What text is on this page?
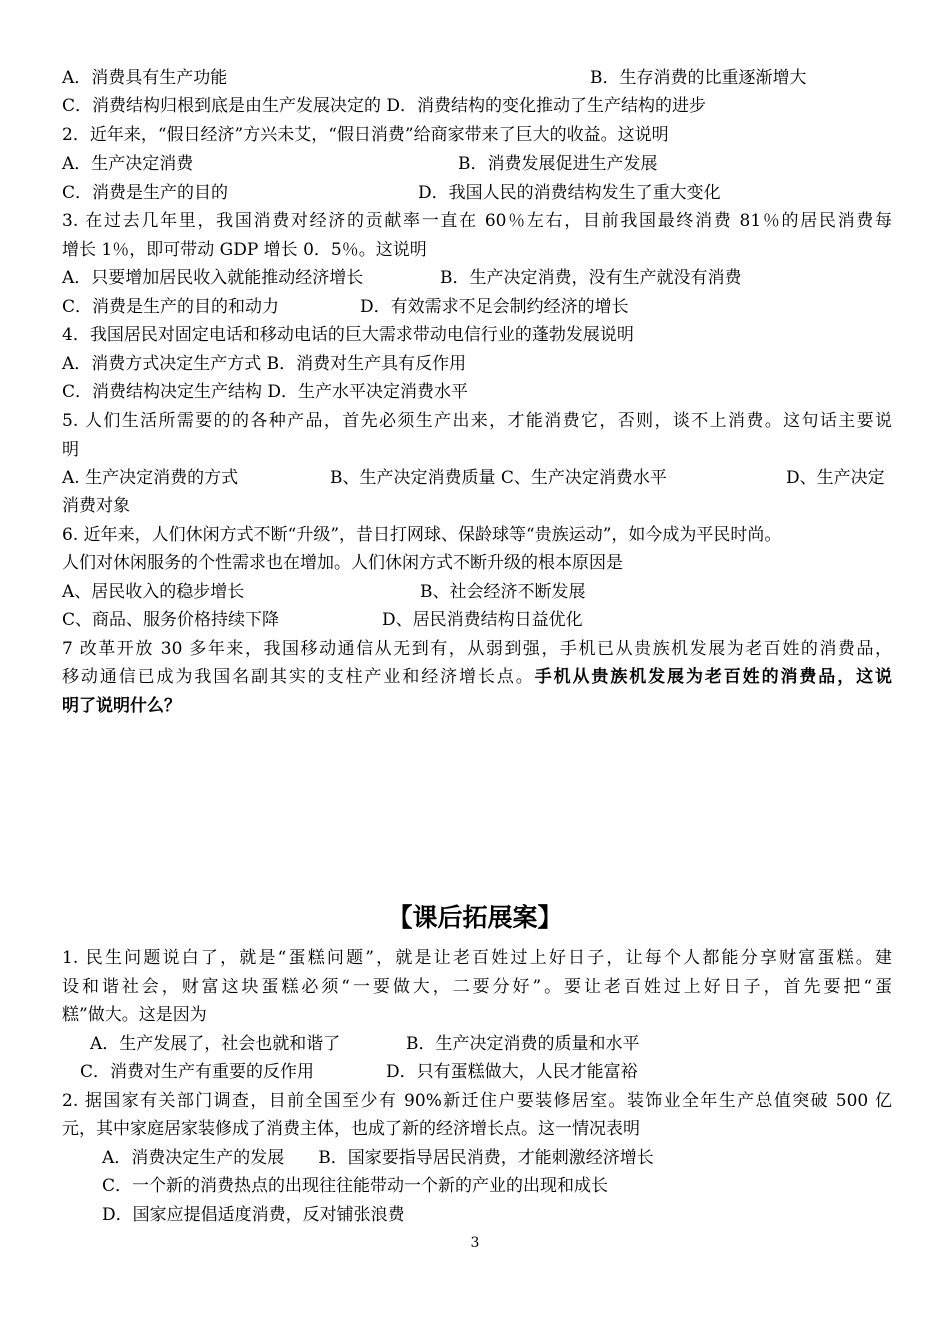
A．消费具有生产功能	B．生存消费的比重逐渐增大
C．消费结构归根到底是由生产发展决定的 D．消费结构的变化推动了生产结构的进步
2．近年来，“假日经济”方兴未艾，“假日消费”给商家带来了巨大的收益。这说明
A．生产决定消费	B．消费发展促进生产发展
C．消费是生产的目的	D．我国人民的消费结构发生了重大变化
3. 在过去几年里，我国消费对经济的贡献率一直在 60％左右，目前我国最终消费 81％的居民消费每
增长 1％，即可带动 GDP 增长 0．5％。这说明
A．只要增加居民收入就能推动经济增长	B．生产决定消费，没有生产就没有消费
C．消费是生产的目的和动力	D．有效需求不足会制约经济的增长
4．我国居民对固定电话和移动电话的巨大需求带动电信行业的蓬勃发展说明
A．消费方式决定生产方式 B．消费对生产具有反作用
C．消费结构决定生产结构 D．生产水平决定消费水平
5. 人们生活所需要的的各种产品，首先必须生产出来，才能消费它，否则，谈不上消费。这句话主要说
明
A. 生产决定消费的方式	B、生产决定消费质量 C、生产决定消费水平	D、生产决定
消费对象
6. 近年来，人们休闲方式不断“升级”，昔日打网球、保龄球等“贵族运动”，如今成为平民时尚。
人们对休闲服务的个性需求也在增加。人们休闲方式不断升级的根本原因是
A、居民收入的稳步增长	B、社会经济不断发展
C、商品、服务价格持续下降	D、居民消费结构日益优化
7 改革开放 30 多年来，我国移动通信从无到有，从弱到强，手机已从贵族机发展为老百姓的消费品，
移动通信已成为我国名副其实的支柱产业和经济增长点。手机从贵族机发展为老百姓的消费品，这说
明了说明什么？
【课后拓展案】
1. 民生问题说白了，就是“蛋糕问题”，就是让老百姓过上好日子，让每个人都能分享财富蛋糕。建
设和谐社会，财富这块蛋糕必须“一要做大，二要分好”。要让老百姓过上好日子，首先要把“蛋
糕”做大。这是因为
A．生产发展了，社会也就和谐了	B．生产决定消费的质量和水平
C．消费对生产有重要的反作用	D．只有蛋糕做大，人民才能富裕
2. 据国家有关部门调查，目前全国至少有 90%新迁住户要装修居室。装饰业全年生产总值突破 500 亿
元，其中家庭居家装修成了消费主体，也成了新的经济增长点。这一情况表明
A．消费决定生产的发展　　B．国家要指导居民消费，才能刺激经济增长
C．一个新的消费热点的出现往往能带动一个新的产业的出现和成长
D．国家应提倡适度消费，反对铺张浪费
3
